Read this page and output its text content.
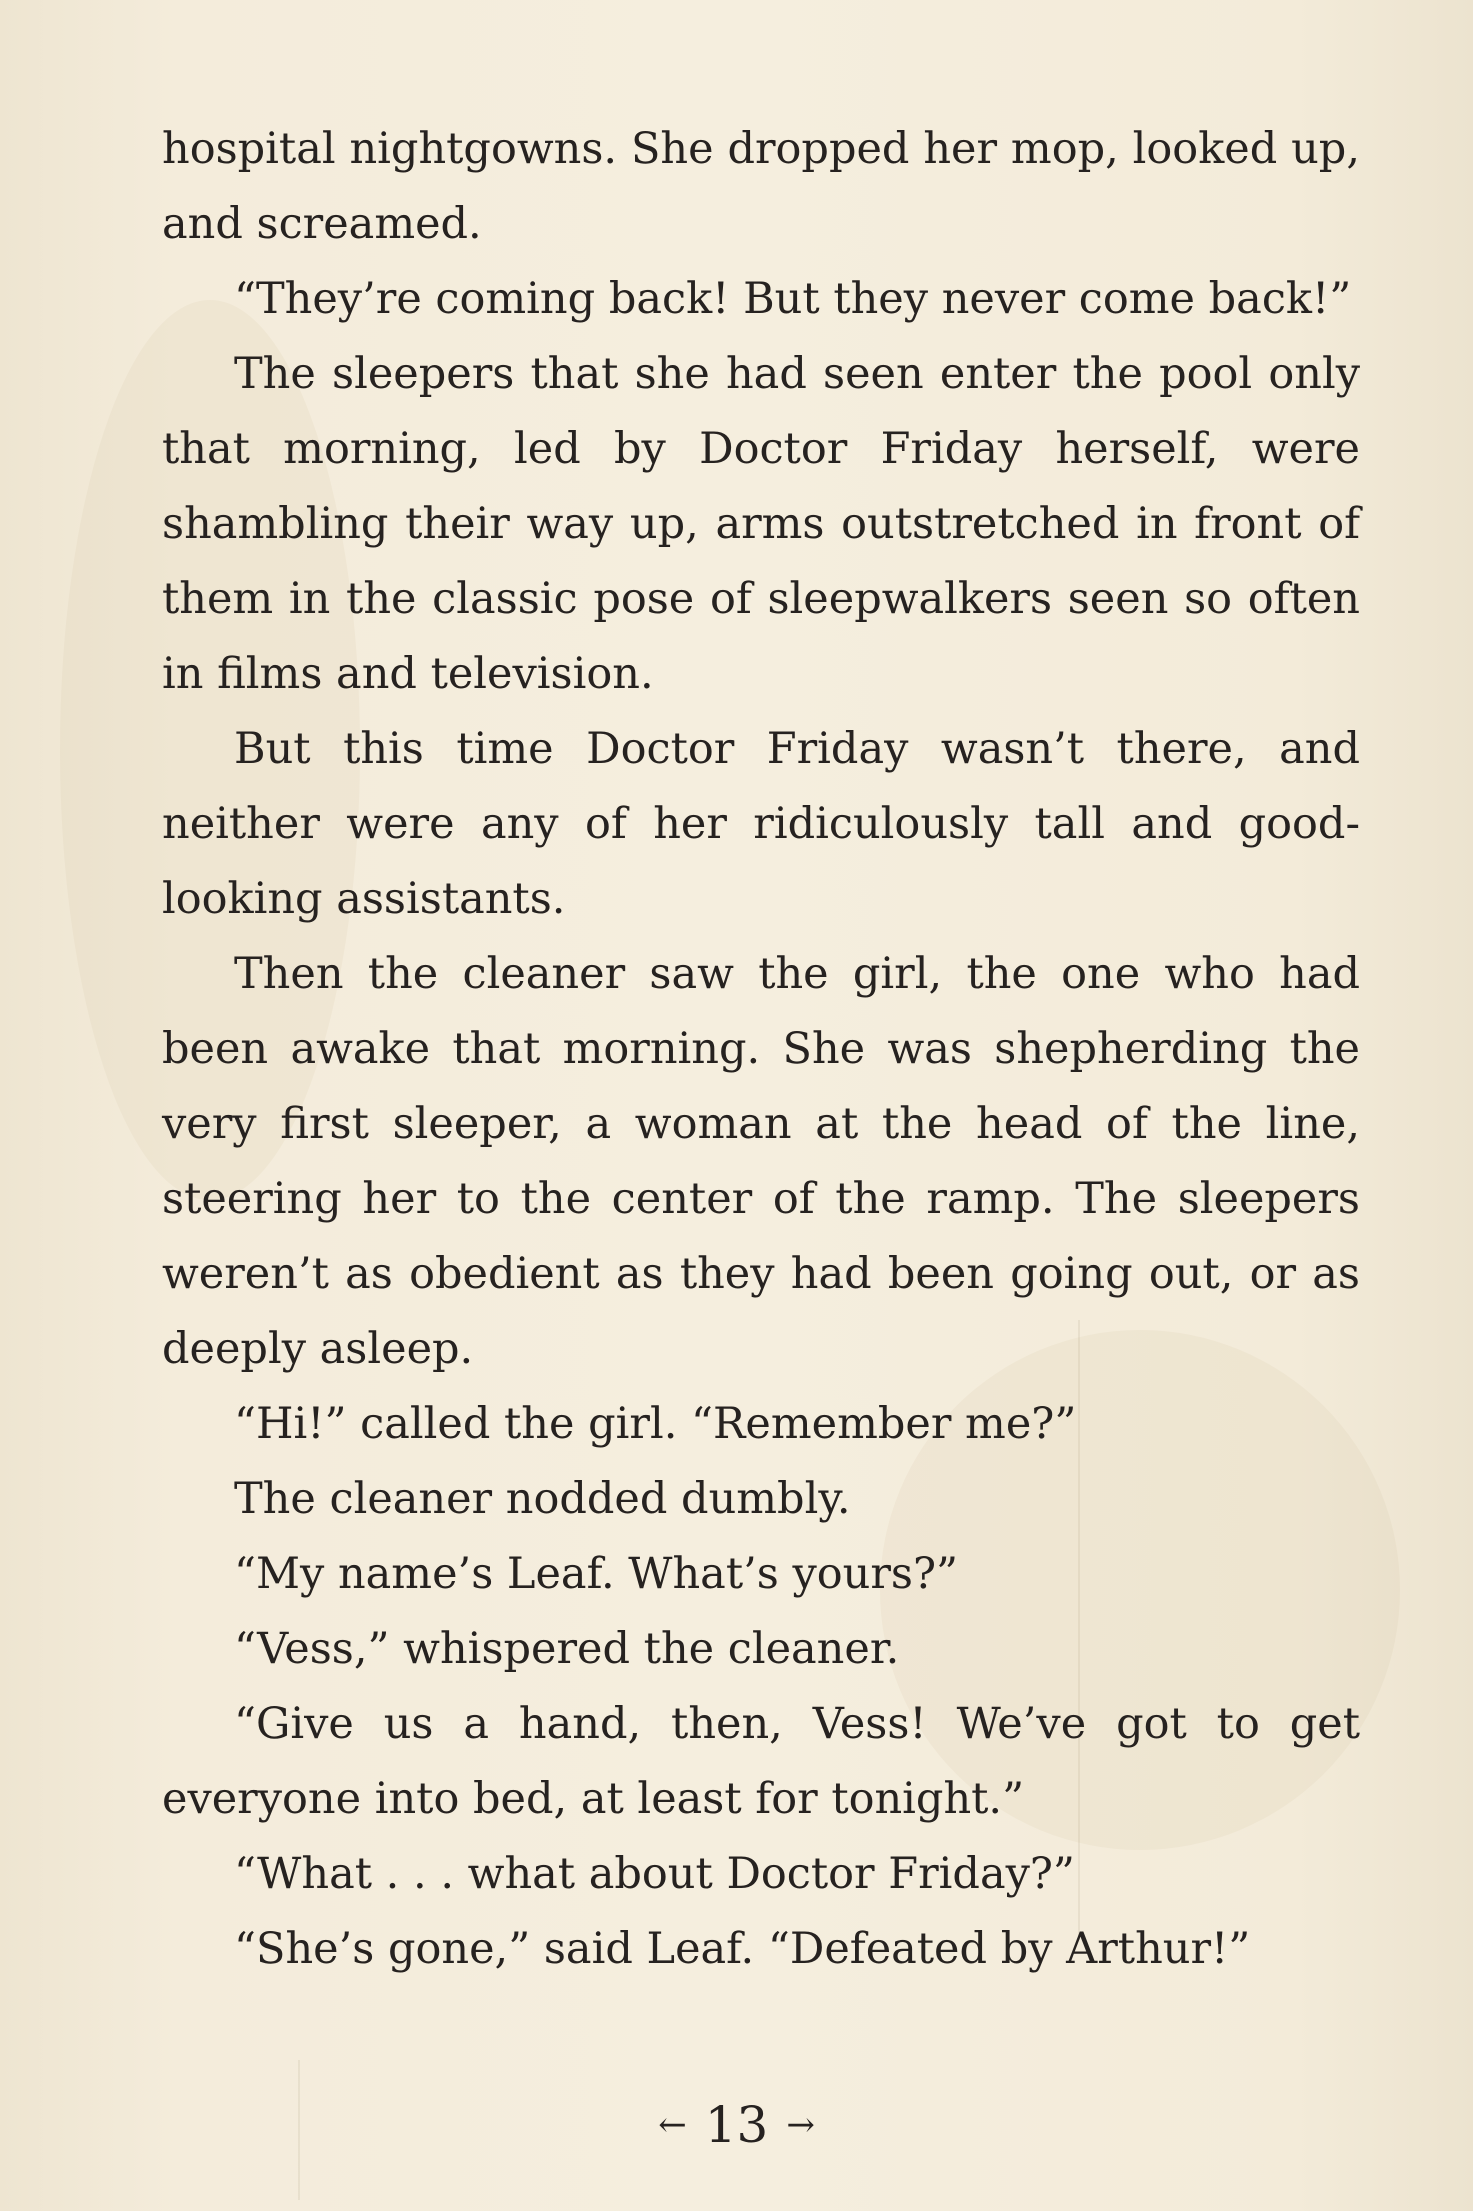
hospital nightgowns. She dropped her mop, looked up, and screamed.

“They’re coming back! But they never come back!”

The sleepers that she had seen enter the pool only that morning, led by Doctor Friday herself, were shambling their way up, arms outstretched in front of them in the classic pose of sleepwalkers seen so often in films and television.

But this time Doctor Friday wasn’t there, and neither were any of her ridiculously tall and good-looking assistants.

Then the cleaner saw the girl, the one who had been awake that morning. She was shepherding the very first sleeper, a woman at the head of the line, steering her to the center of the ramp. The sleepers weren’t as obedient as they had been going out, or as deeply asleep.

“Hi!” called the girl. “Remember me?”

The cleaner nodded dumbly.

“My name’s Leaf. What’s yours?”

“Vess,” whispered the cleaner.

“Give us a hand, then, Vess! We’ve got to get everyone into bed, at least for tonight.”

“What . . . what about Doctor Friday?”

“She’s gone,” said Leaf. “Defeated by Arthur!”

← 13 →
